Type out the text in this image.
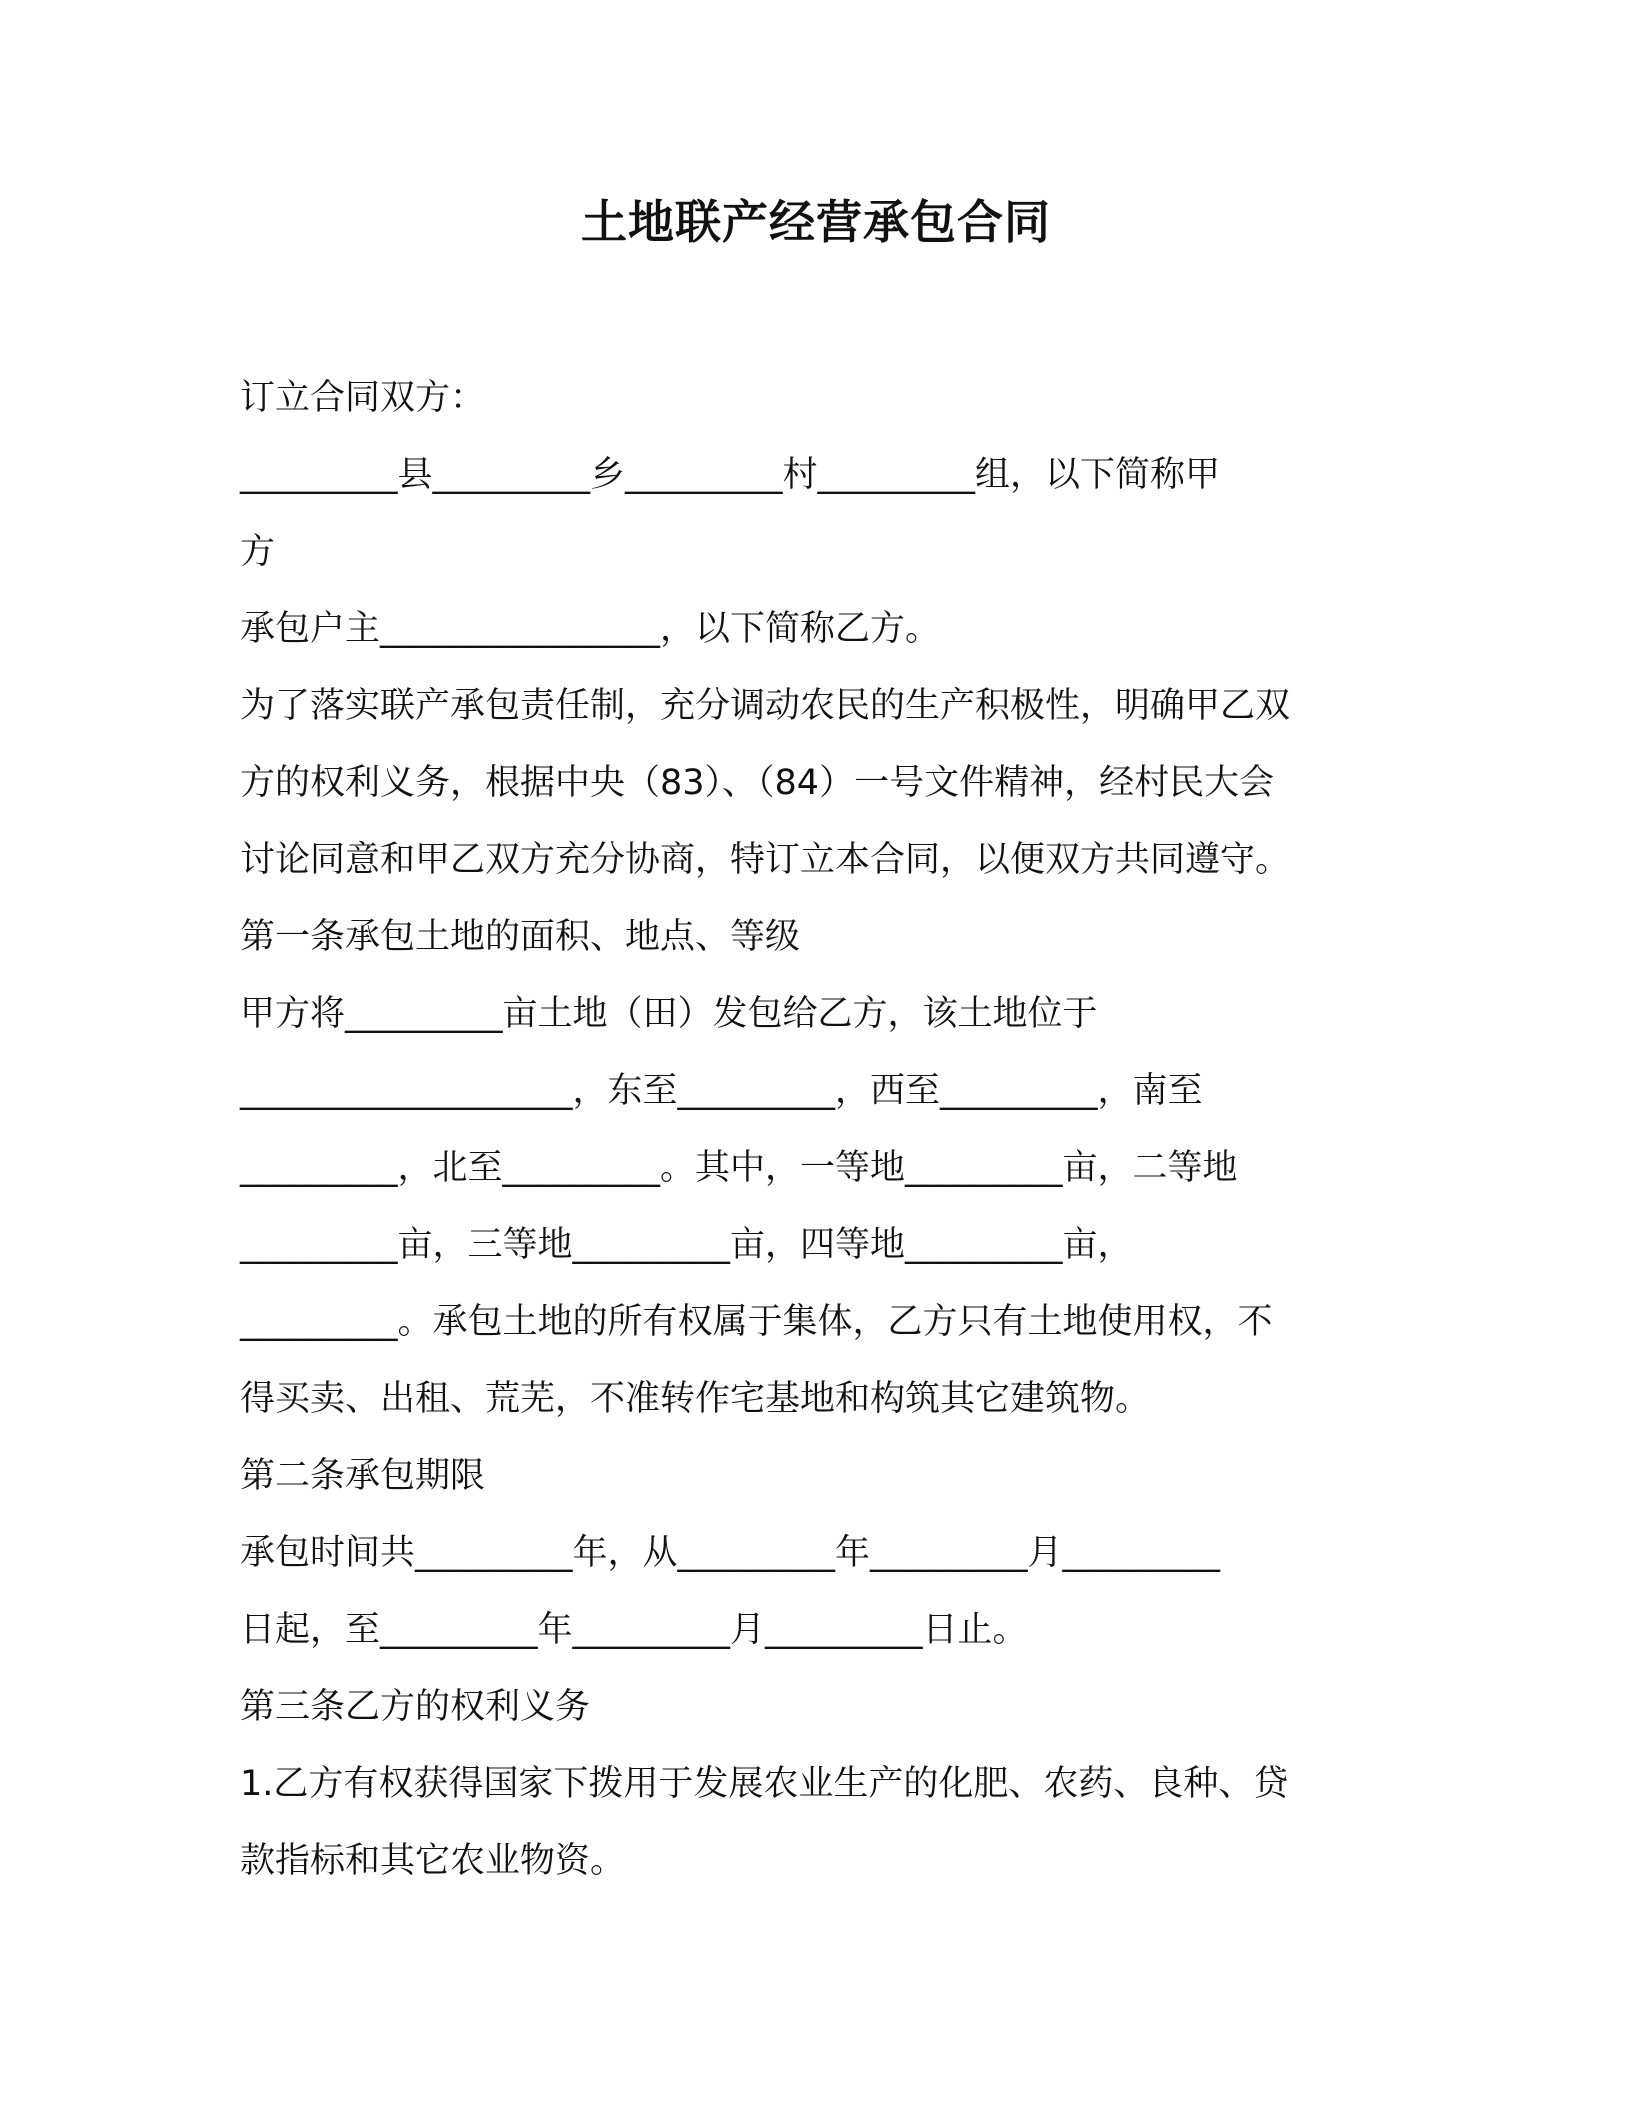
土地联产经营承包合同
订立合同双方：
_________县_________乡_________村_________组，以下简称甲
方
承包户主________________，以下简称乙方。
为了落实联产承包责任制，充分调动农民的生产积极性，明确甲乙双
方的权利义务，根据中央（83）、（84）一号文件精神，经村民大会
讨论同意和甲乙双方充分协商，特订立本合同，以便双方共同遵守。
第一条承包土地的面积、地点、等级
甲方将_________亩土地（田）发包给乙方，该土地位于
___________________，东至_________，西至_________，南至
_________，北至_________。其中，一等地_________亩，二等地
_________亩，三等地_________亩，四等地_________亩，
_________。承包土地的所有权属于集体，乙方只有土地使用权，不
得买卖、出租、荒芜，不准转作宅基地和构筑其它建筑物。
第二条承包期限
承包时间共_________年，从_________年_________月_________
日起，至_________年_________月_________日止。
第三条乙方的权利义务
1.乙方有权获得国家下拨用于发展农业生产的化肥、农药、良种、贷
款指标和其它农业物资。
